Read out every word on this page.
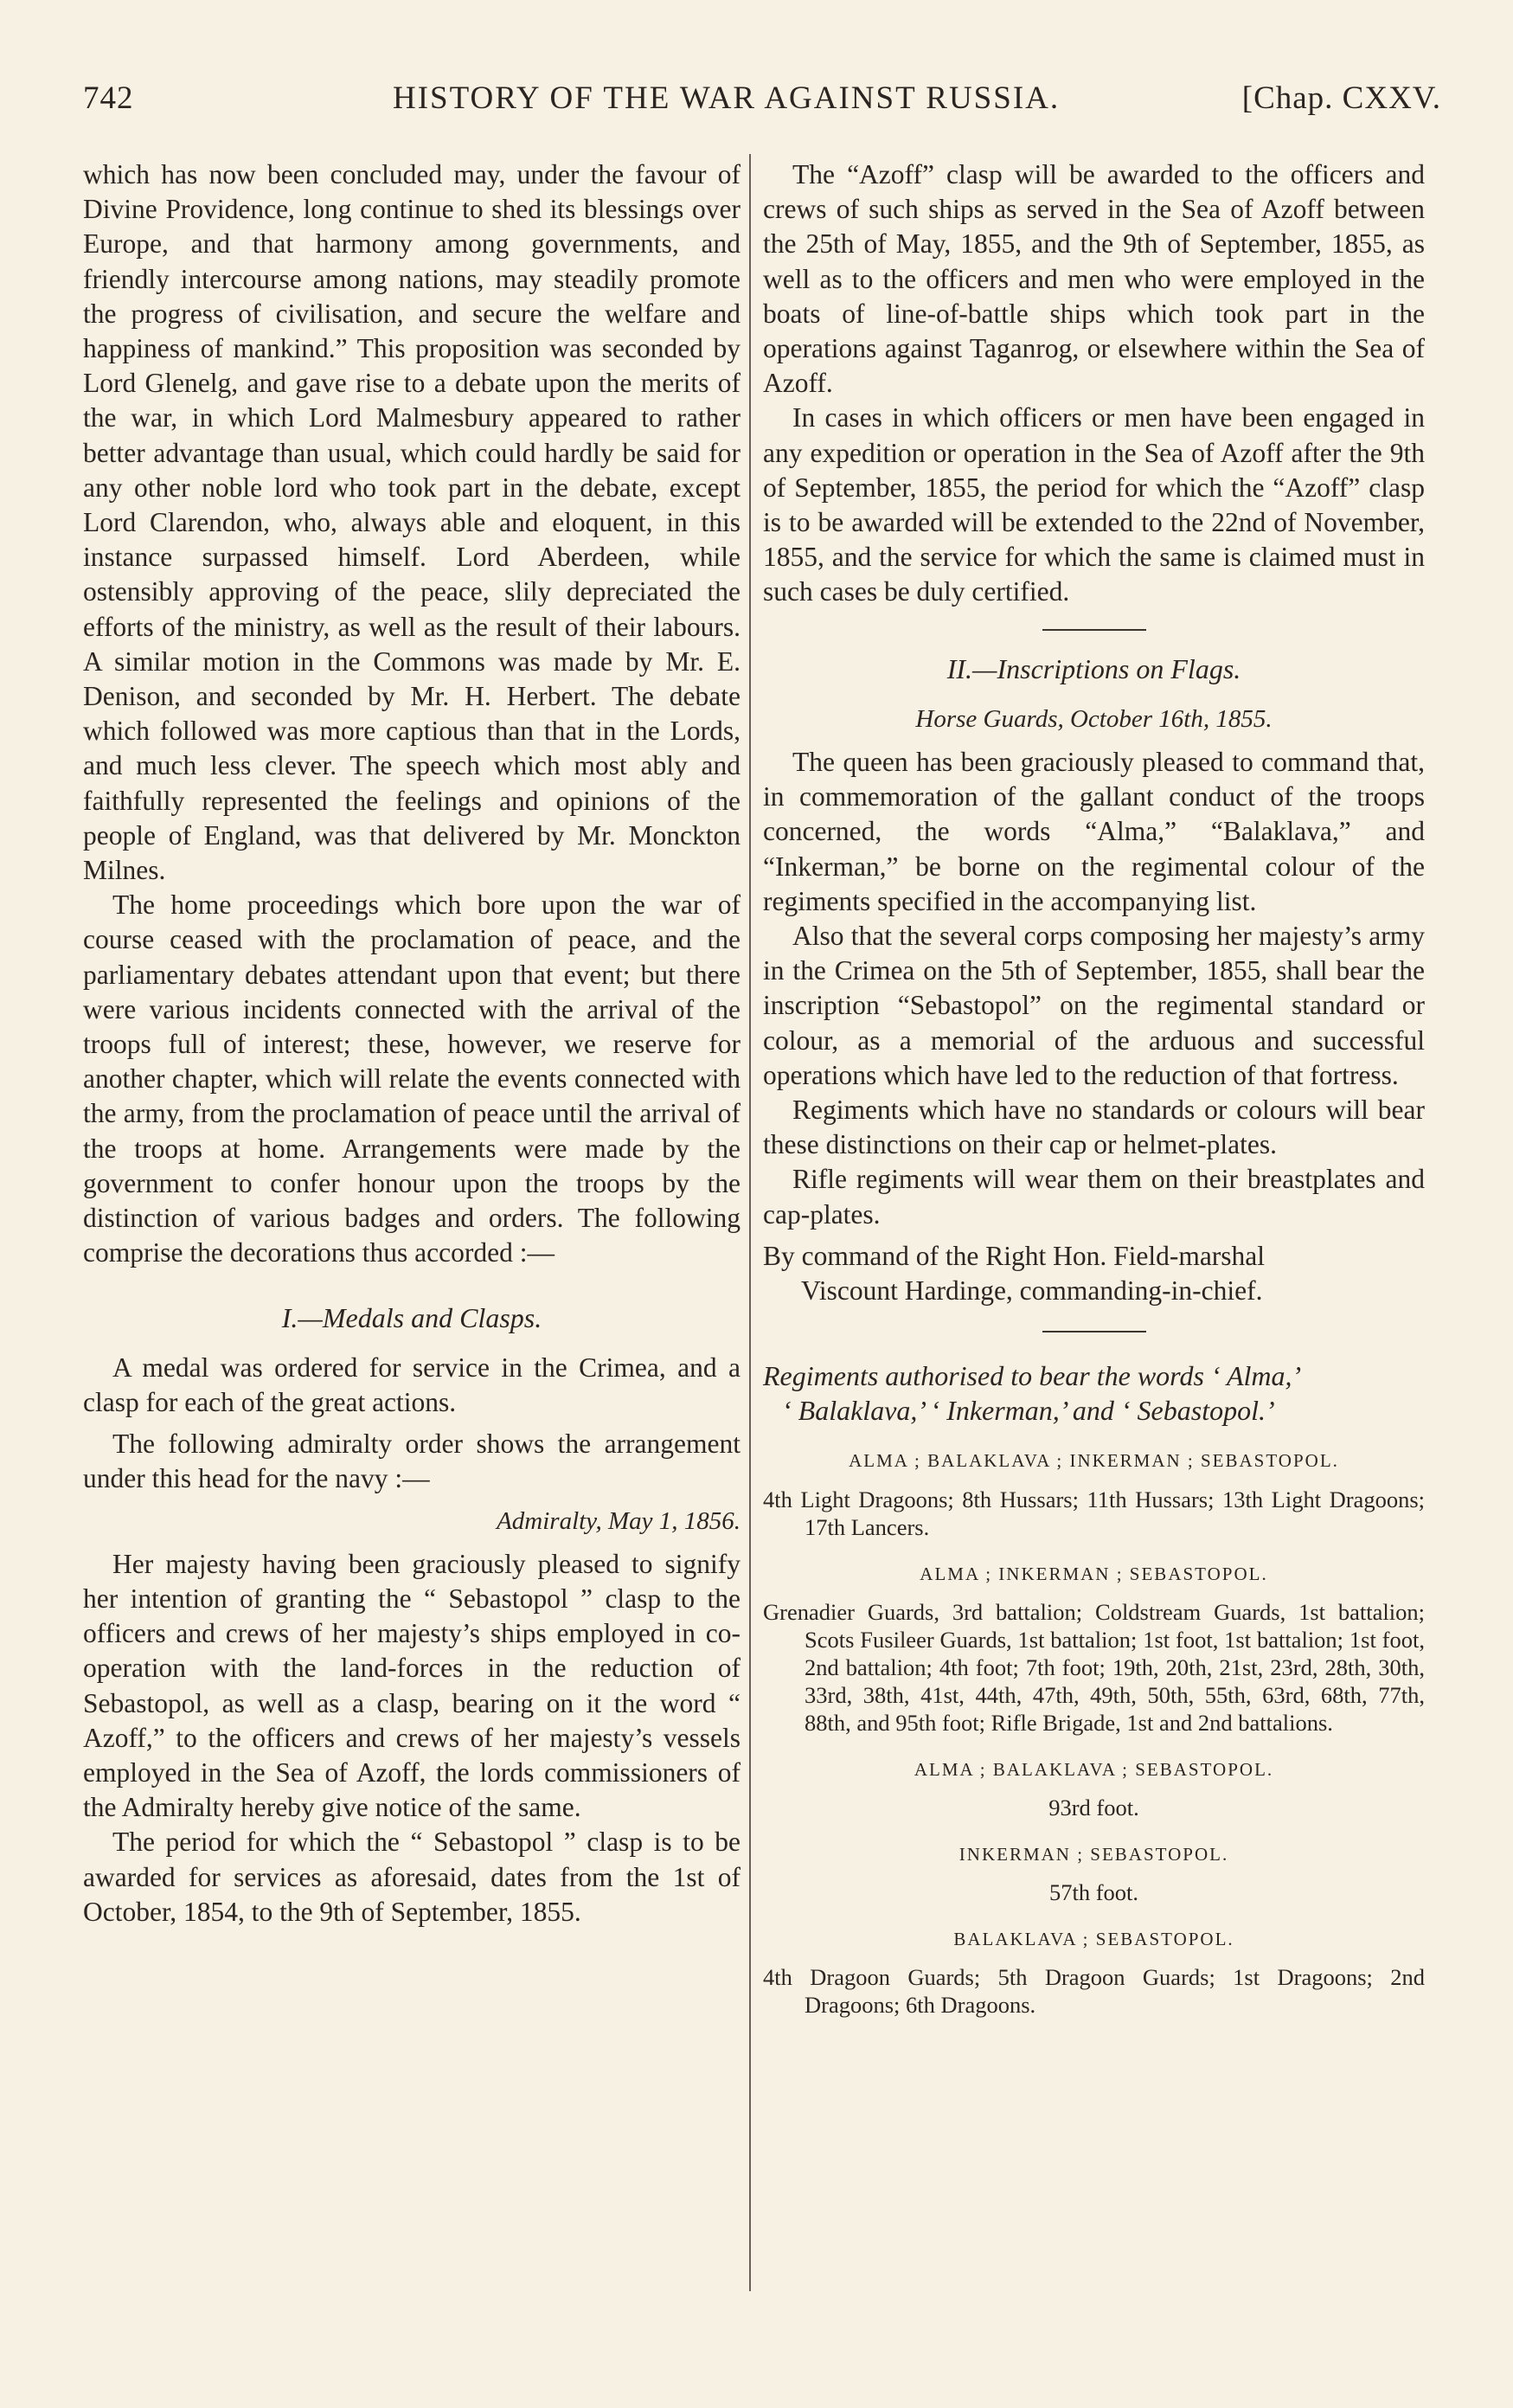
742	HISTORY OF THE WAR AGAINST RUSSIA.	[Chap. CXXV.

which has now been concluded may, under the favour of Divine Providence, long continue to shed its blessings over Europe, and that harmony among governments, and friendly intercourse among nations, may steadily promote the progress of civilisation, and secure the welfare and happiness of mankind.” This proposition was seconded by Lord Glenelg, and gave rise to a debate upon the merits of the war, in which Lord Malmesbury appeared to rather better advantage than usual, which could hardly be said for any other noble lord who took part in the debate, except Lord Clarendon, who, always able and eloquent, in this instance surpassed himself. Lord Aberdeen, while ostensibly approving of the peace, slily depreciated the efforts of the ministry, as well as the result of their labours. A similar motion in the Commons was made by Mr. E. Denison, and seconded by Mr. H. Herbert. The debate which followed was more captious than that in the Lords, and much less clever. The speech which most ably and faithfully represented the feelings and opinions of the people of England, was that delivered by Mr. Monckton Milnes.

The home proceedings which bore upon the war of course ceased with the proclamation of peace, and the parliamentary debates attendant upon that event; but there were various incidents connected with the arrival of the troops full of interest; these, however, we reserve for another chapter, which will relate the events connected with the army, from the proclamation of peace until the arrival of the troops at home. Arrangements were made by the government to confer honour upon the troops by the distinction of various badges and orders. The following comprise the decorations thus accorded :—

I.—Medals and Clasps.

A medal was ordered for service in the Crimea, and a clasp for each of the great actions.

The following admiralty order shows the arrangement under this head for the navy :—

Admiralty, May 1, 1856.

Her majesty having been graciously pleased to signify her intention of granting the “ Sebastopol ” clasp to the officers and crews of her majesty’s ships employed in co-operation with the land-forces in the reduction of Sebastopol, as well as a clasp, bearing on it the word “ Azoff,” to the officers and crews of her majesty’s vessels employed in the Sea of Azoff, the lords commissioners of the Admiralty hereby give notice of the same.

The period for which the “ Sebastopol ” clasp is to be awarded for services as aforesaid, dates from the 1st of October, 1854, to the 9th of September, 1855.

The “Azoff” clasp will be awarded to the officers and crews of such ships as served in the Sea of Azoff between the 25th of May, 1855, and the 9th of September, 1855, as well as to the officers and men who were employed in the boats of line-of-battle ships which took part in the operations against Taganrog, or elsewhere within the Sea of Azoff.

In cases in which officers or men have been engaged in any expedition or operation in the Sea of Azoff after the 9th of September, 1855, the period for which the “Azoff” clasp is to be awarded will be extended to the 22nd of November, 1855, and the service for which the same is claimed must in such cases be duly certified.

II.—Inscriptions on Flags.

Horse Guards, October 16th, 1855.

The queen has been graciously pleased to command that, in commemoration of the gallant conduct of the troops concerned, the words “Alma,” “Balaklava,” and “Inkerman,” be borne on the regimental colour of the regiments specified in the accompanying list.

Also that the several corps composing her majesty’s army in the Crimea on the 5th of September, 1855, shall bear the inscription “Sebastopol” on the regimental standard or colour, as a memorial of the arduous and successful operations which have led to the reduction of that fortress.

Regiments which have no standards or colours will bear these distinctions on their cap or helmet-plates.

Rifle regiments will wear them on their breastplates and cap-plates.

By command of the Right Hon. Field-marshal
Viscount Hardinge, commanding-in-chief.

Regiments authorised to bear the words ‘ Alma,’
‘ Balaklava,’ ‘ Inkerman,’ and ‘ Sebastopol.’

ALMA ; BALAKLAVA ; INKERMAN ; SEBASTOPOL.

4th Light Dragoons; 8th Hussars; 11th Hussars; 13th Light Dragoons; 17th Lancers.

ALMA ; INKERMAN ; SEBASTOPOL.

Grenadier Guards, 3rd battalion; Coldstream Guards, 1st battalion; Scots Fusileer Guards, 1st battalion; 1st foot, 1st battalion; 1st foot, 2nd battalion; 4th foot; 7th foot; 19th, 20th, 21st, 23rd, 28th, 30th, 33rd, 38th, 41st, 44th, 47th, 49th, 50th, 55th, 63rd, 68th, 77th, 88th, and 95th foot; Rifle Brigade, 1st and 2nd battalions.

ALMA ; BALAKLAVA ; SEBASTOPOL.

93rd foot.

INKERMAN ; SEBASTOPOL.

57th foot.

BALAKLAVA ; SEBASTOPOL.

4th Dragoon Guards; 5th Dragoon Guards; 1st Dragoons; 2nd Dragoons; 6th Dragoons.
